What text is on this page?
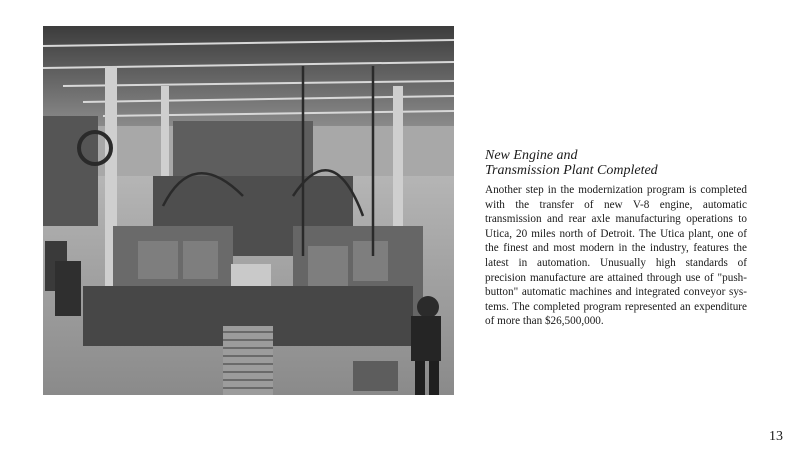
New Engine and
Transmission Plant Completed

Another step in the modernization program is completed with the transfer of new V-8 engine, automatic transmission and rear axle manufacturing operations to Utica, 20 miles north of Detroit. The Utica plant, one of the finest and most modern in the industry, features the latest in automation. Unusually high standards of precision manufacture are attained through use of "push-button" automatic machines and integrated conveyor systems. The completed program represented an expenditure of more than $26,500,000.

13
